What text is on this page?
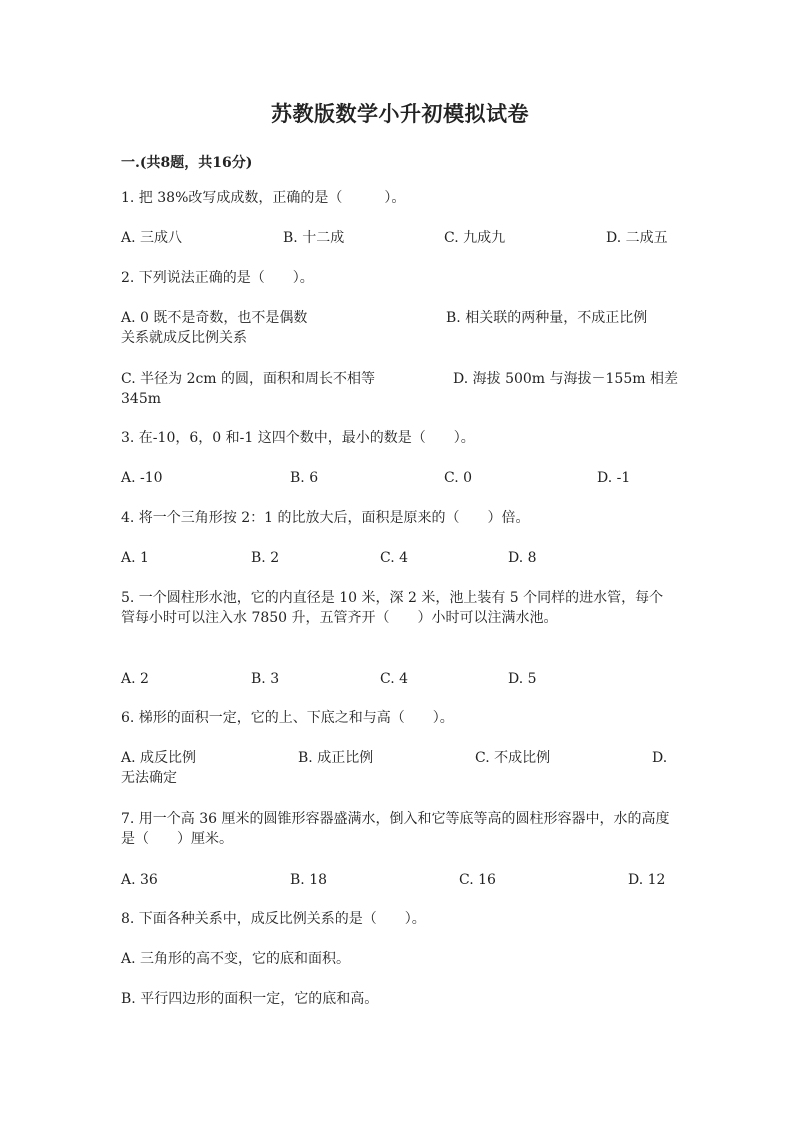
苏教版数学小升初模拟试卷
一.(共8题，共16分)
1. 把 38%改写成成数，正确的是（　　　）。
A. 三成八	B. 十二成	C. 九成九	D. 二成五
2. 下列说法正确的是（　　）。
A. 0 既不是奇数，也不是偶数	B. 相关联的两种量，不成正比例
关系就成反比例关系
C. 半径为 2cm 的圆，面积和周长不相等	D. 海拔 500m 与海拔－155m 相差
345m
3. 在-10，6，0 和-1 这四个数中，最小的数是（　　）。
A. -10	B. 6	C. 0	D. -1
4. 将一个三角形按 2：1 的比放大后，面积是原来的（　　）倍。
A. 1	B. 2	C. 4	D. 8
5. 一个圆柱形水池，它的内直径是 10 米，深 2 米，池上装有 5 个同样的进水管，每个管每小时可以注入水 7850 升，五管齐开（　　）小时可以注满水池。
A. 2	B. 3	C. 4	D. 5
6. 梯形的面积一定，它的上、下底之和与高（　　）。
A. 成反比例	B. 成正比例	C. 不成比例	D.
无法确定
7. 用一个高 36 厘米的圆锥形容器盛满水，倒入和它等底等高的圆柱形容器中，水的高度是（　　）厘米。
A. 36	B. 18	C. 16	D. 12
8. 下面各种关系中，成反比例关系的是（　　）。
A. 三角形的高不变，它的底和面积。
B. 平行四边形的面积一定，它的底和高。
